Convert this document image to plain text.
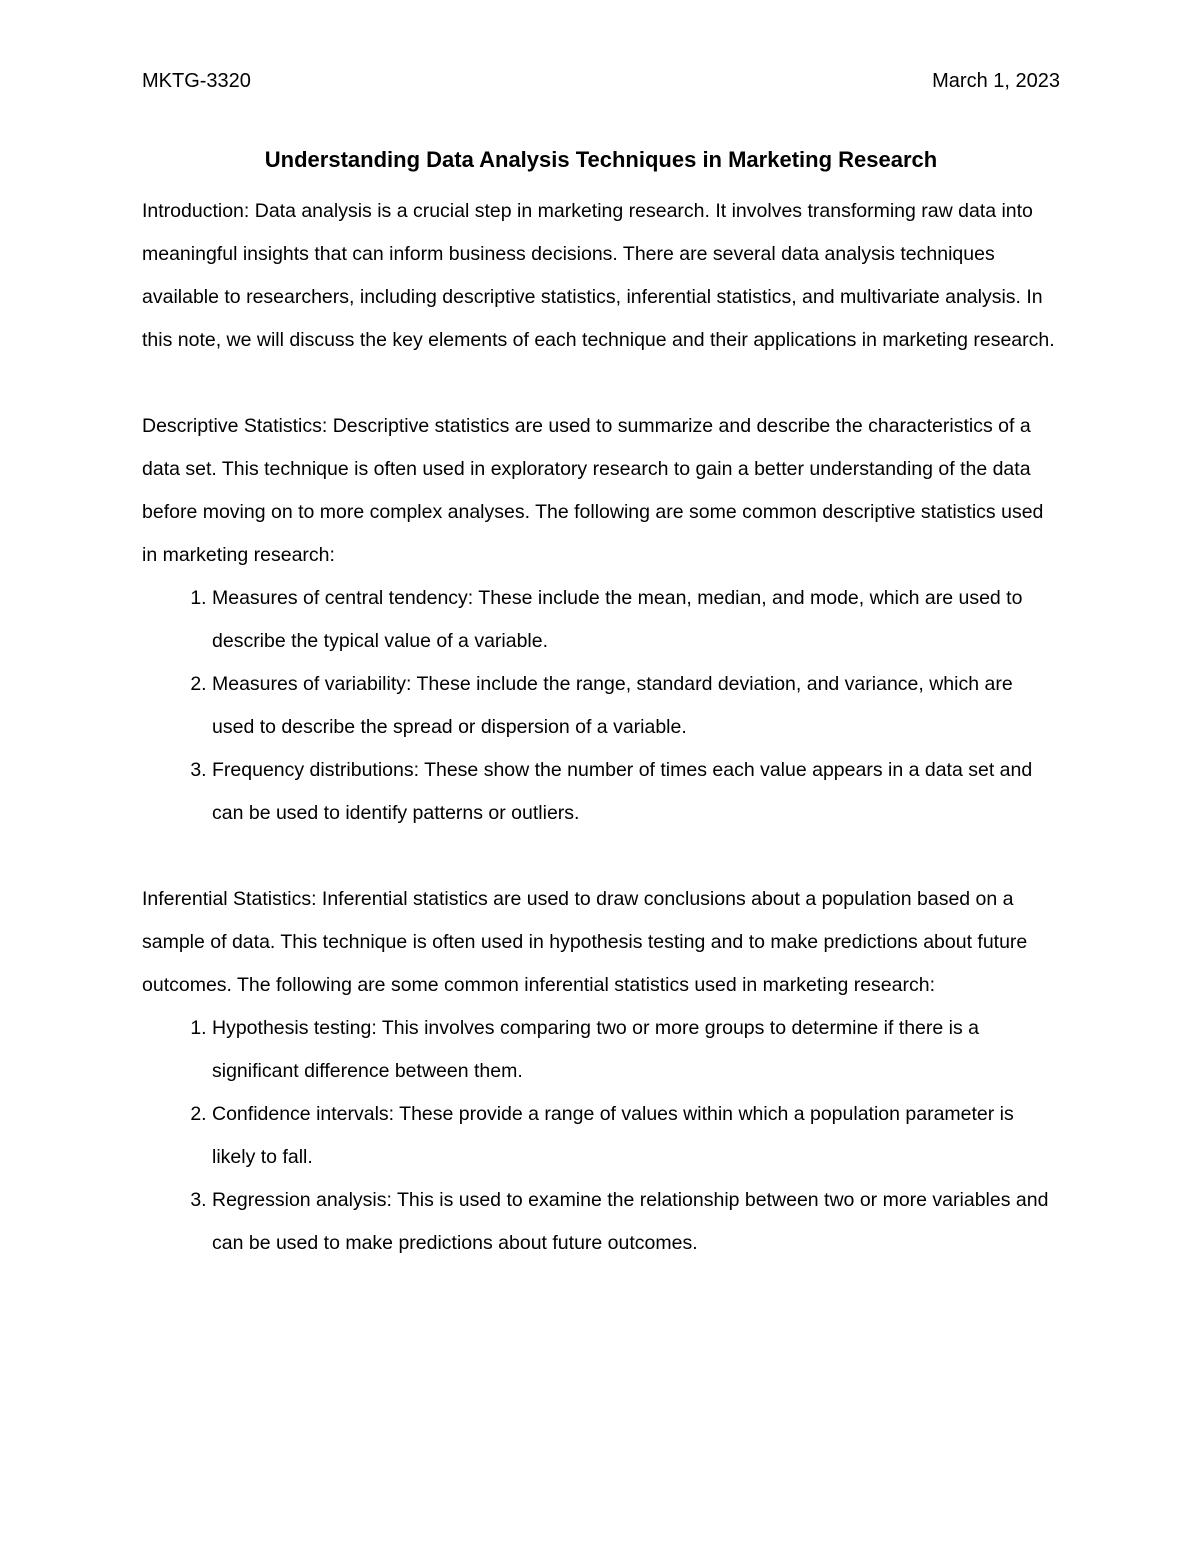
MKTG-3320	March 1, 2023
Understanding Data Analysis Techniques in Marketing Research

Introduction: Data analysis is a crucial step in marketing research. It involves transforming raw data into meaningful insights that can inform business decisions. There are several data analysis techniques available to researchers, including descriptive statistics, inferential statistics, and multivariate analysis. In this note, we will discuss the key elements of each technique and their applications in marketing research.

Descriptive Statistics: Descriptive statistics are used to summarize and describe the characteristics of a data set. This technique is often used in exploratory research to gain a better understanding of the data before moving on to more complex analyses. The following are some common descriptive statistics used in marketing research:

1. Measures of central tendency: These include the mean, median, and mode, which are used to describe the typical value of a variable.
2. Measures of variability: These include the range, standard deviation, and variance, which are used to describe the spread or dispersion of a variable.
3. Frequency distributions: These show the number of times each value appears in a data set and can be used to identify patterns or outliers.

Inferential Statistics: Inferential statistics are used to draw conclusions about a population based on a sample of data. This technique is often used in hypothesis testing and to make predictions about future outcomes. The following are some common inferential statistics used in marketing research:

1. Hypothesis testing: This involves comparing two or more groups to determine if there is a significant difference between them.
2. Confidence intervals: These provide a range of values within which a population parameter is likely to fall.
3. Regression analysis: This is used to examine the relationship between two or more variables and can be used to make predictions about future outcomes.
